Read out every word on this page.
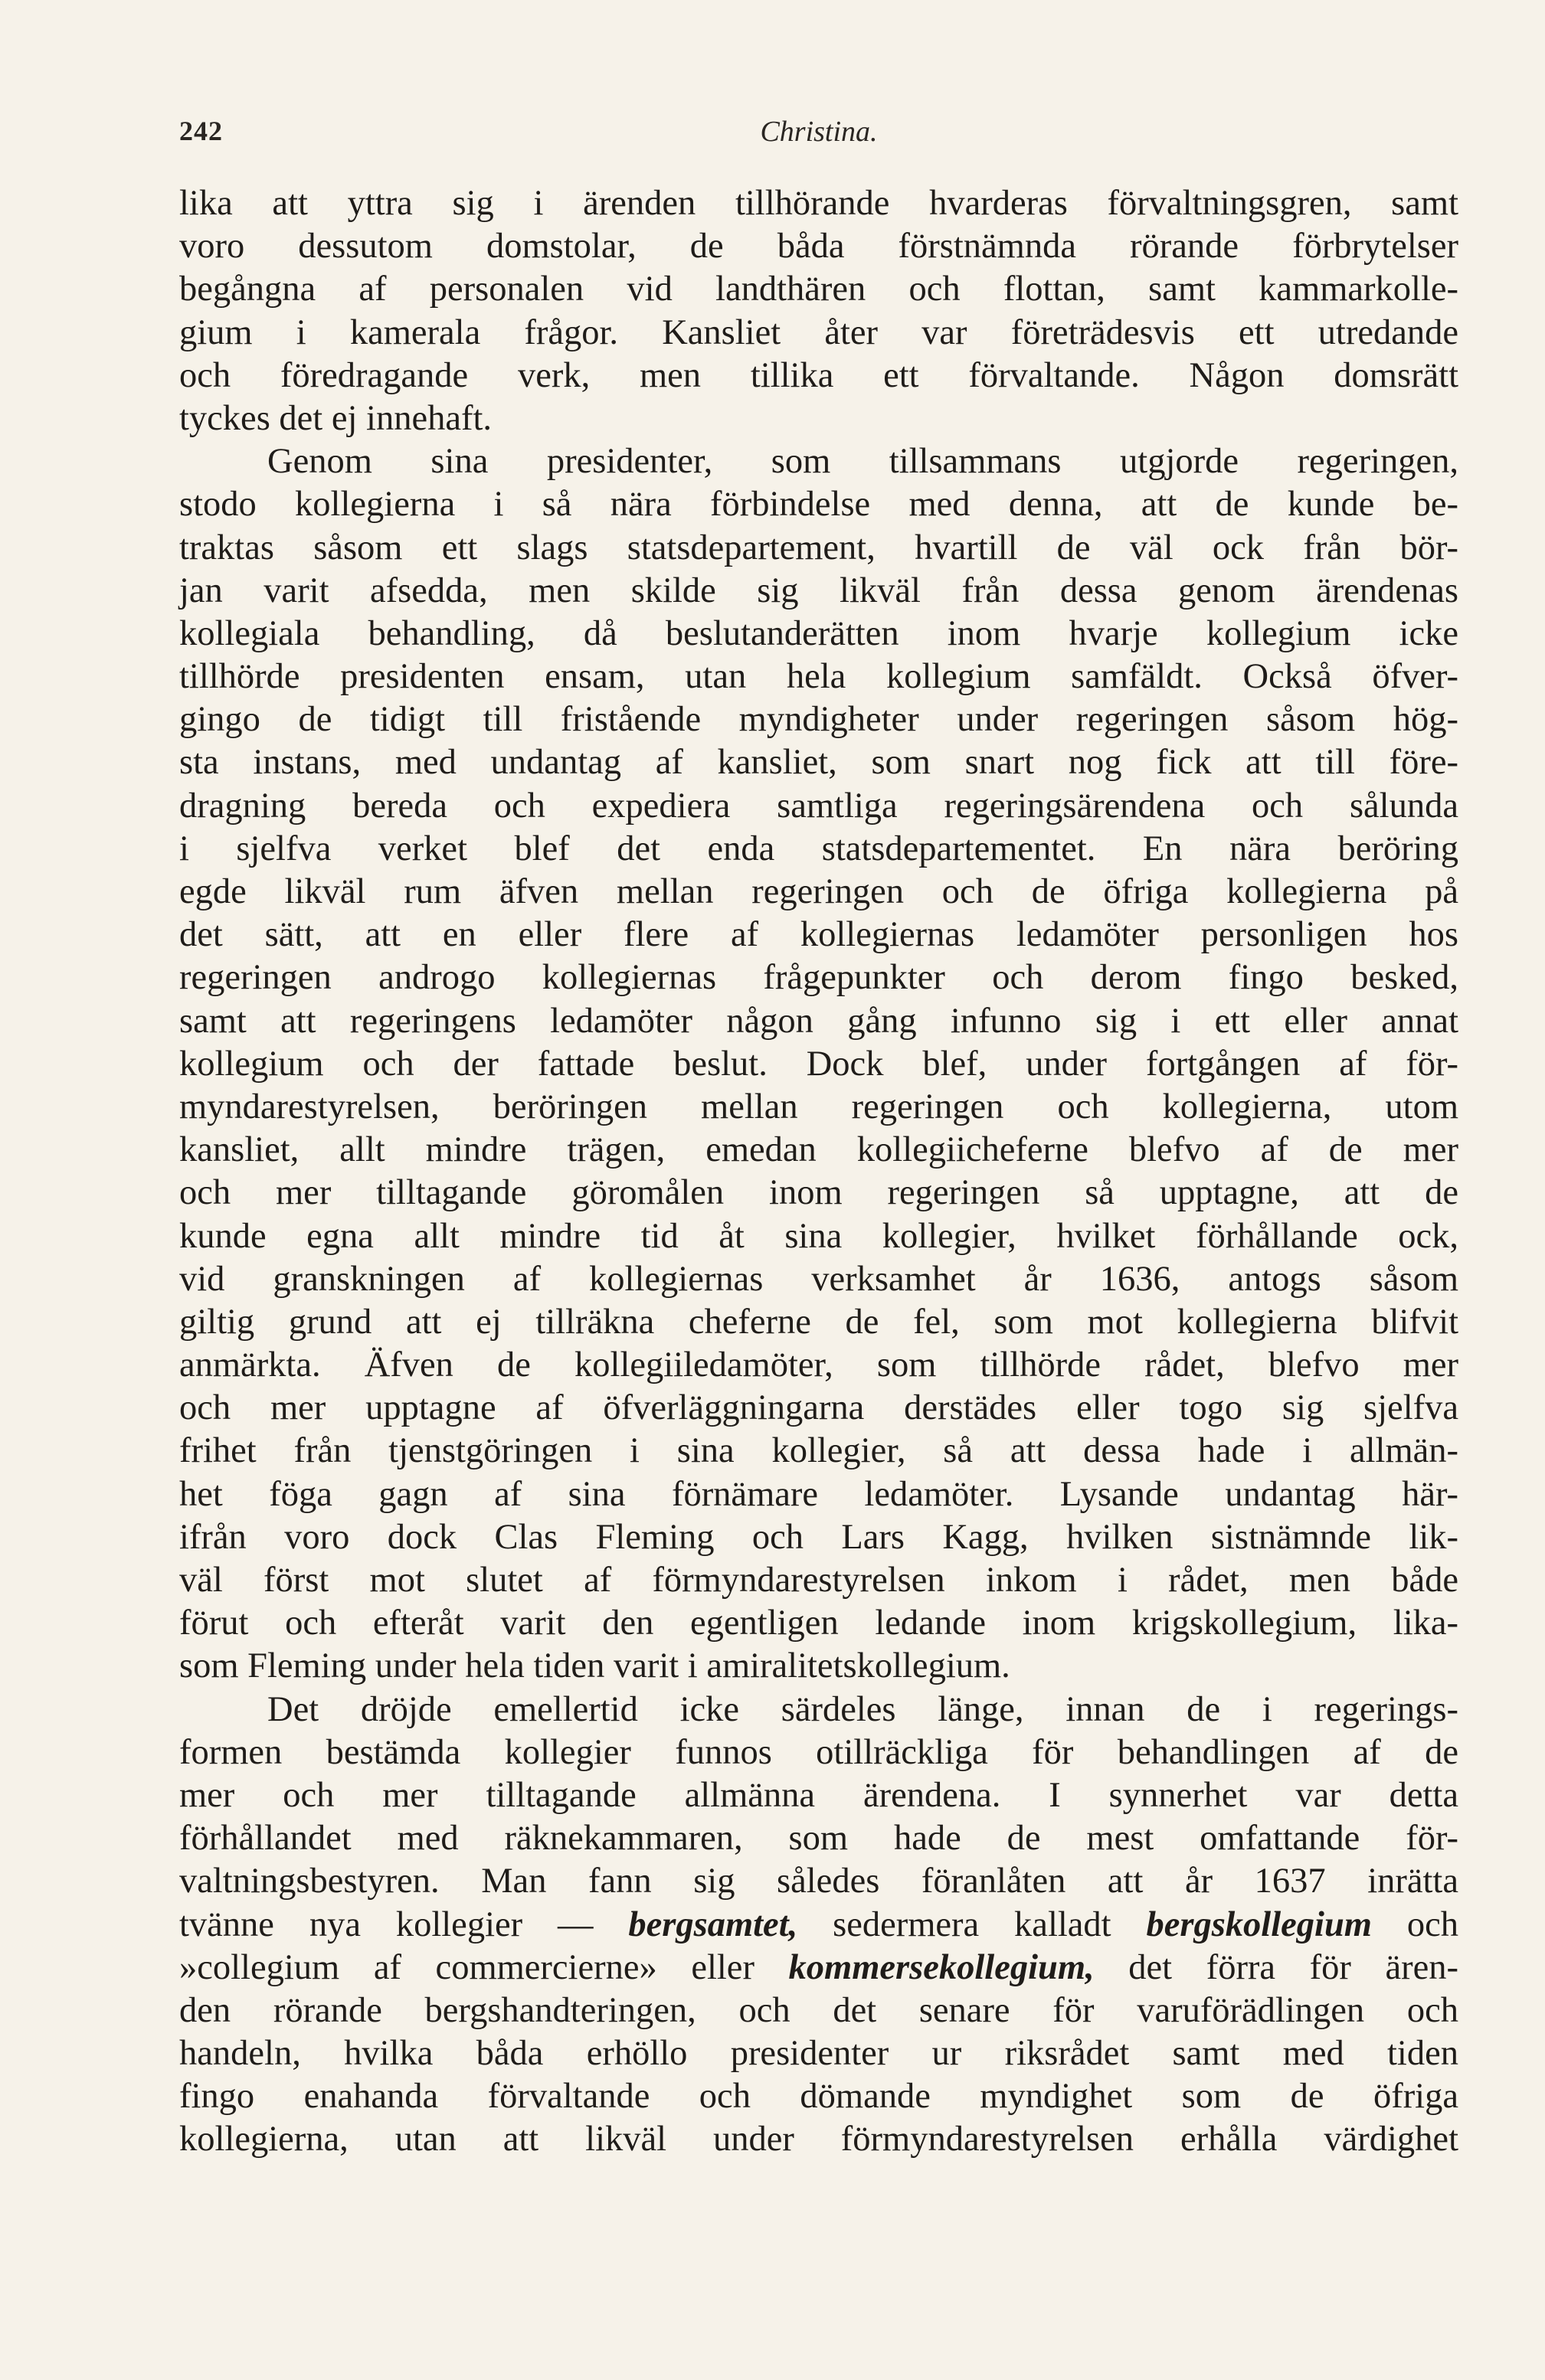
242	Christina.
lika att yttra sig i ärenden tillhörande hvarderas förvaltningsgren, samt
voro dessutom domstolar, de båda förstnämnda rörande förbrytelser
begångna af personalen vid landthären och flottan, samt kammarkolle-
gium i kamerala frågor. Kansliet åter var företrädesvis ett utredande
och föredragande verk, men tillika ett förvaltande. Någon domsrätt
tyckes det ej innehaft.
Genom sina presidenter, som tillsammans utgjorde regeringen,
stodo kollegierna i så nära förbindelse med denna, att de kunde be-
traktas såsom ett slags statsdepartement, hvartill de väl ock från bör-
jan varit afsedda, men skilde sig likväl från dessa genom ärendenas
kollegiala behandling, då beslutanderätten inom hvarje kollegium icke
tillhörde presidenten ensam, utan hela kollegium samfäldt. Också öfver-
gingo de tidigt till fristående myndigheter under regeringen såsom hög-
sta instans, med undantag af kansliet, som snart nog fick att till före-
dragning bereda och expediera samtliga regeringsärendena och sålunda
i sjelfva verket blef det enda statsdepartementet. En nära beröring
egde likväl rum äfven mellan regeringen och de öfriga kollegierna på
det sätt, att en eller flere af kollegiernas ledamöter personligen hos
regeringen androgo kollegiernas frågepunkter och derom fingo besked,
samt att regeringens ledamöter någon gång infunno sig i ett eller annat
kollegium och der fattade beslut. Dock blef, under fortgången af för-
myndarestyrelsen, beröringen mellan regeringen och kollegierna, utom
kansliet, allt mindre trägen, emedan kollegiicheferne blefvo af de mer
och mer tilltagande göromålen inom regeringen så upptagne, att de
kunde egna allt mindre tid åt sina kollegier, hvilket förhållande ock,
vid granskningen af kollegiernas verksamhet år 1636, antogs såsom
giltig grund att ej tillräkna cheferne de fel, som mot kollegierna blifvit
anmärkta. Äfven de kollegiiledamöter, som tillhörde rådet, blefvo mer
och mer upptagne af öfverläggningarna derstädes eller togo sig sjelfva
frihet från tjenstgöringen i sina kollegier, så att dessa hade i allmän-
het föga gagn af sina förnämare ledamöter. Lysande undantag här-
ifrån voro dock Clas Fleming och Lars Kagg, hvilken sistnämnde lik-
väl först mot slutet af förmyndarestyrelsen inkom i rådet, men både
förut och efteråt varit den egentligen ledande inom krigskollegium, lika-
som Fleming under hela tiden varit i amiralitetskollegium.
Det dröjde emellertid icke särdeles länge, innan de i regerings-
formen bestämda kollegier funnos otillräckliga för behandlingen af de
mer och mer tilltagande allmänna ärendena. I synnerhet var detta
förhållandet med räknekammaren, som hade de mest omfattande för-
valtningsbestyren. Man fann sig således föranlåten att år 1637 inrätta
tvänne nya kollegier — bergsamtet, sedermera kalladt bergskollegium och
»collegium af commercierne» eller kommersekollegium, det förra för ären-
den rörande bergshandteringen, och det senare för varuförädlingen och
handeln, hvilka båda erhöllo presidenter ur riksrådet samt med tiden
fingo enahanda förvaltande och dömande myndighet som de öfriga
kollegierna, utan att likväl under förmyndarestyrelsen erhålla värdighet
